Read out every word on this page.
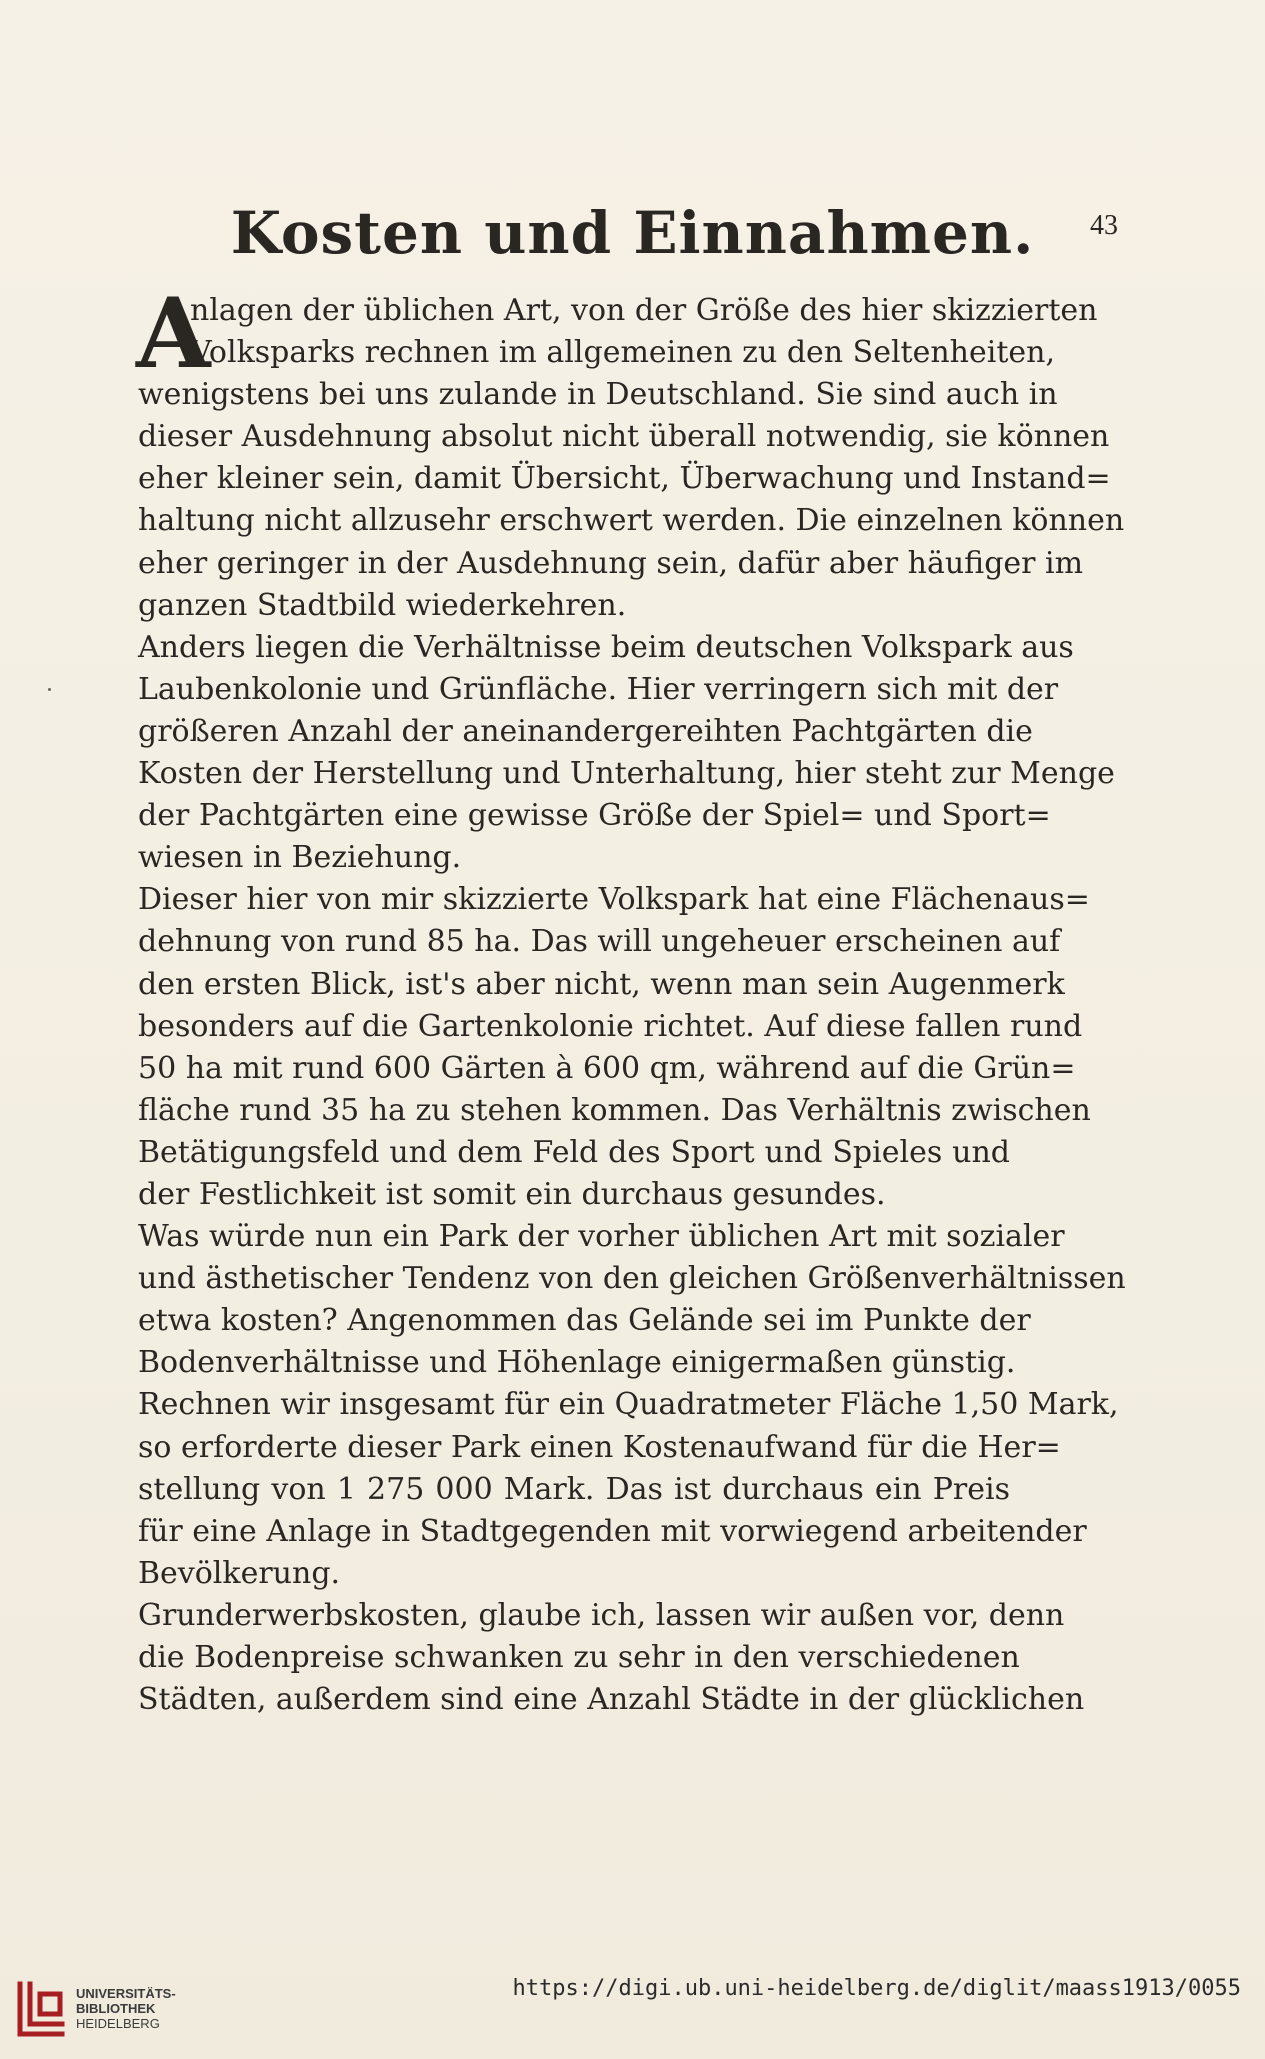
Kosten und Einnahmen.	43
A
nlagen der üblichen Art, von der Größe des hier skizzierten
Volksparks rechnen im allgemeinen zu den Seltenheiten,
wenigstens bei uns zulande in Deutschland. Sie sind auch in
dieser Ausdehnung absolut nicht überall notwendig, sie können
eher kleiner sein, damit Übersicht, Überwachung und Instand=
haltung nicht allzusehr erschwert werden. Die einzelnen können
eher geringer in der Ausdehnung sein, dafür aber häufiger im
ganzen Stadtbild wiederkehren.
Anders liegen die Verhältnisse beim deutschen Volkspark aus
Laubenkolonie und Grünfläche. Hier verringern sich mit der
größeren Anzahl der aneinandergereihten Pachtgärten die
Kosten der Herstellung und Unterhaltung, hier steht zur Menge
der Pachtgärten eine gewisse Größe der Spiel= und Sport=
wiesen in Beziehung.
Dieser hier von mir skizzierte Volkspark hat eine Flächenaus=
dehnung von rund 85 ha. Das will ungeheuer erscheinen auf
den ersten Blick, ist's aber nicht, wenn man sein Augenmerk
besonders auf die Gartenkolonie richtet. Auf diese fallen rund
50 ha mit rund 600 Gärten à 600 qm, während auf die Grün=
fläche rund 35 ha zu stehen kommen. Das Verhältnis zwischen
Betätigungsfeld und dem Feld des Sport und Spieles und
der Festlichkeit ist somit ein durchaus gesundes.
Was würde nun ein Park der vorher üblichen Art mit sozialer
und ästhetischer Tendenz von den gleichen Größenverhältnissen
etwa kosten? Angenommen das Gelände sei im Punkte der
Bodenverhältnisse und Höhenlage einigermaßen günstig.
Rechnen wir insgesamt für ein Quadratmeter Fläche 1,50 Mark,
so erforderte dieser Park einen Kostenaufwand für die Her=
stellung von 1 275 000 Mark. Das ist durchaus ein Preis
für eine Anlage in Stadtgegenden mit vorwiegend arbeitender
Bevölkerung.
Grunderwerbskosten, glaube ich, lassen wir außen vor, denn
die Bodenpreise schwanken zu sehr in den verschiedenen
Städten, außerdem sind eine Anzahl Städte in der glücklichen
UNIVERSITÄTS-
BIBLIOTHEK
HEIDELBERG
https://digi.ub.uni-heidelberg.de/diglit/maass1913/0055
